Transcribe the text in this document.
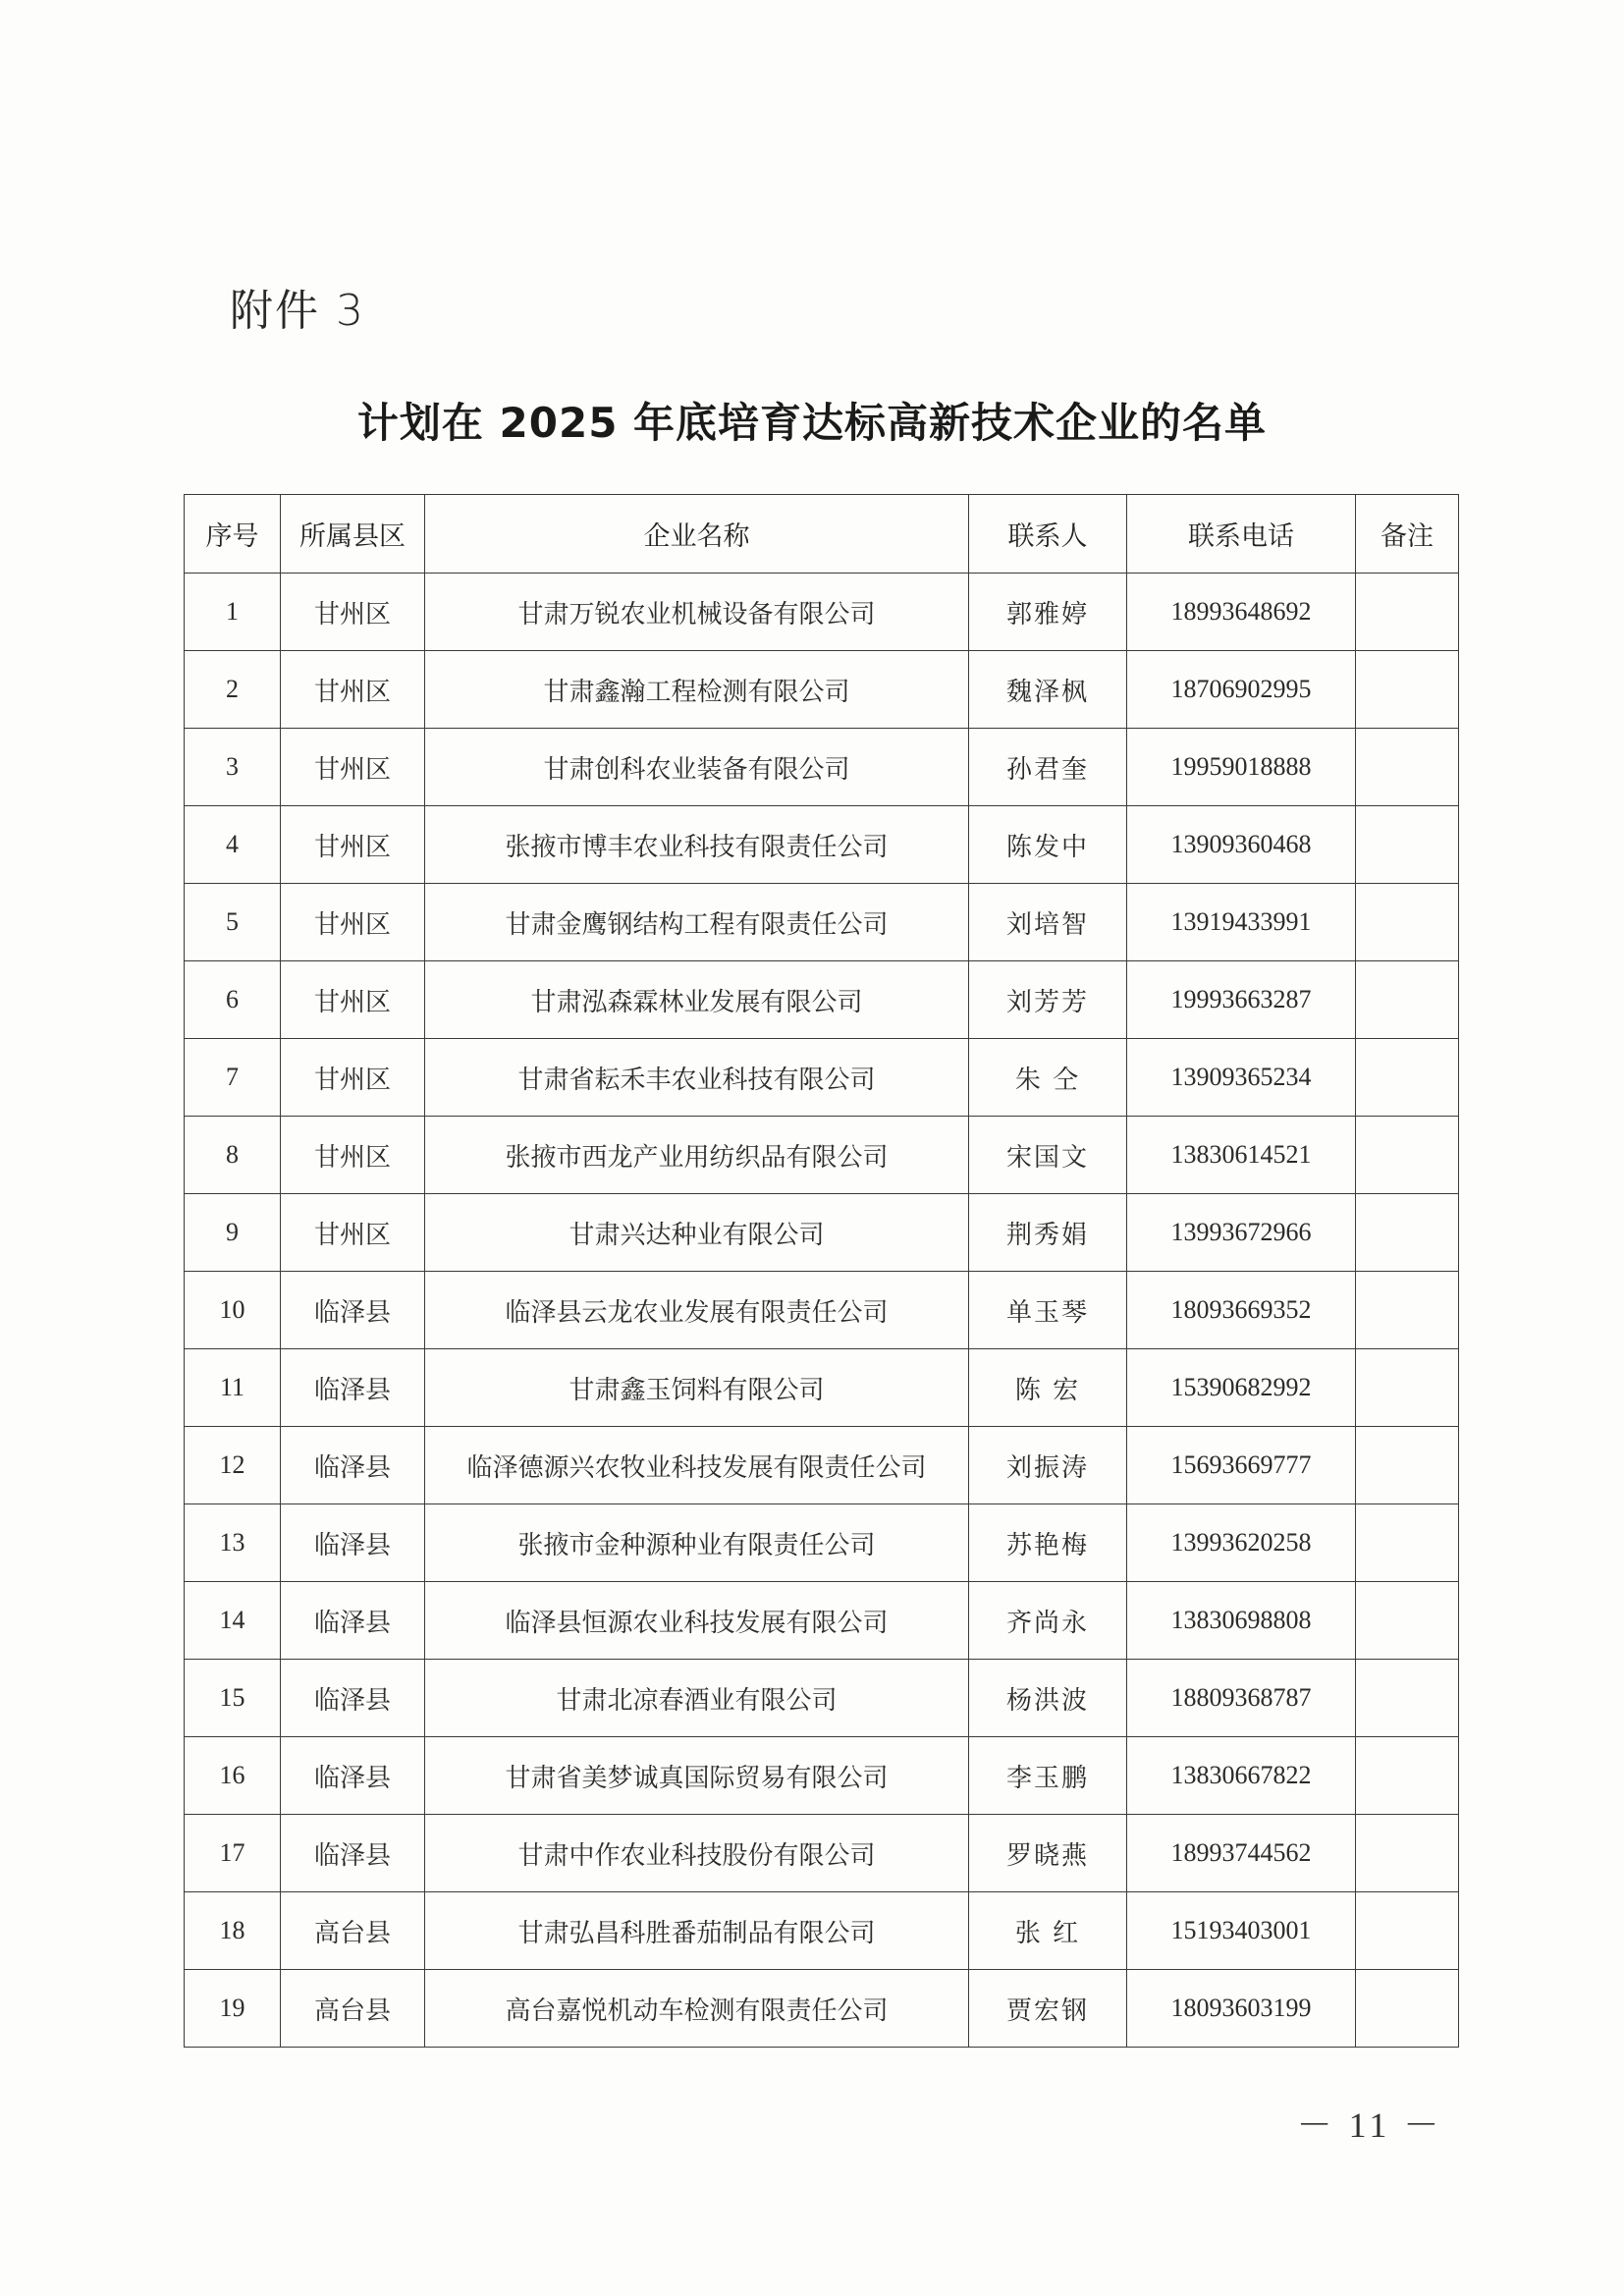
附件 3
计划在 2025 年底培育达标高新技术企业的名单
序号	所属县区	企业名称	联系人	联系电话	备注
1	甘州区	甘肃万锐农业机械设备有限公司	郭雅婷	18993648692	
2	甘州区	甘肃鑫瀚工程检测有限公司	魏泽枫	18706902995	
3	甘州区	甘肃创科农业装备有限公司	孙君奎	19959018888	
4	甘州区	张掖市博丰农业科技有限责任公司	陈发中	13909360468	
5	甘州区	甘肃金鹰钢结构工程有限责任公司	刘培智	13919433991	
6	甘州区	甘肃泓森霖林业发展有限公司	刘芳芳	19993663287	
7	甘州区	甘肃省耘禾丰农业科技有限公司	朱 仝	13909365234	
8	甘州区	张掖市西龙产业用纺织品有限公司	宋国文	13830614521	
9	甘州区	甘肃兴达种业有限公司	荆秀娟	13993672966	
10	临泽县	临泽县云龙农业发展有限责任公司	单玉琴	18093669352	
11	临泽县	甘肃鑫玉饲料有限公司	陈 宏	15390682992	
12	临泽县	临泽德源兴农牧业科技发展有限责任公司	刘振涛	15693669777	
13	临泽县	张掖市金种源种业有限责任公司	苏艳梅	13993620258	
14	临泽县	临泽县恒源农业科技发展有限公司	齐尚永	13830698808	
15	临泽县	甘肃北凉春酒业有限公司	杨洪波	18809368787	
16	临泽县	甘肃省美梦诚真国际贸易有限公司	李玉鹏	13830667822	
17	临泽县	甘肃中作农业科技股份有限公司	罗晓燕	18993744562	
18	高台县	甘肃弘昌科胜番茄制品有限公司	张 红	15193403001	
19	高台县	高台嘉悦机动车检测有限责任公司	贾宏钢	18093603199	
－ 11 －
